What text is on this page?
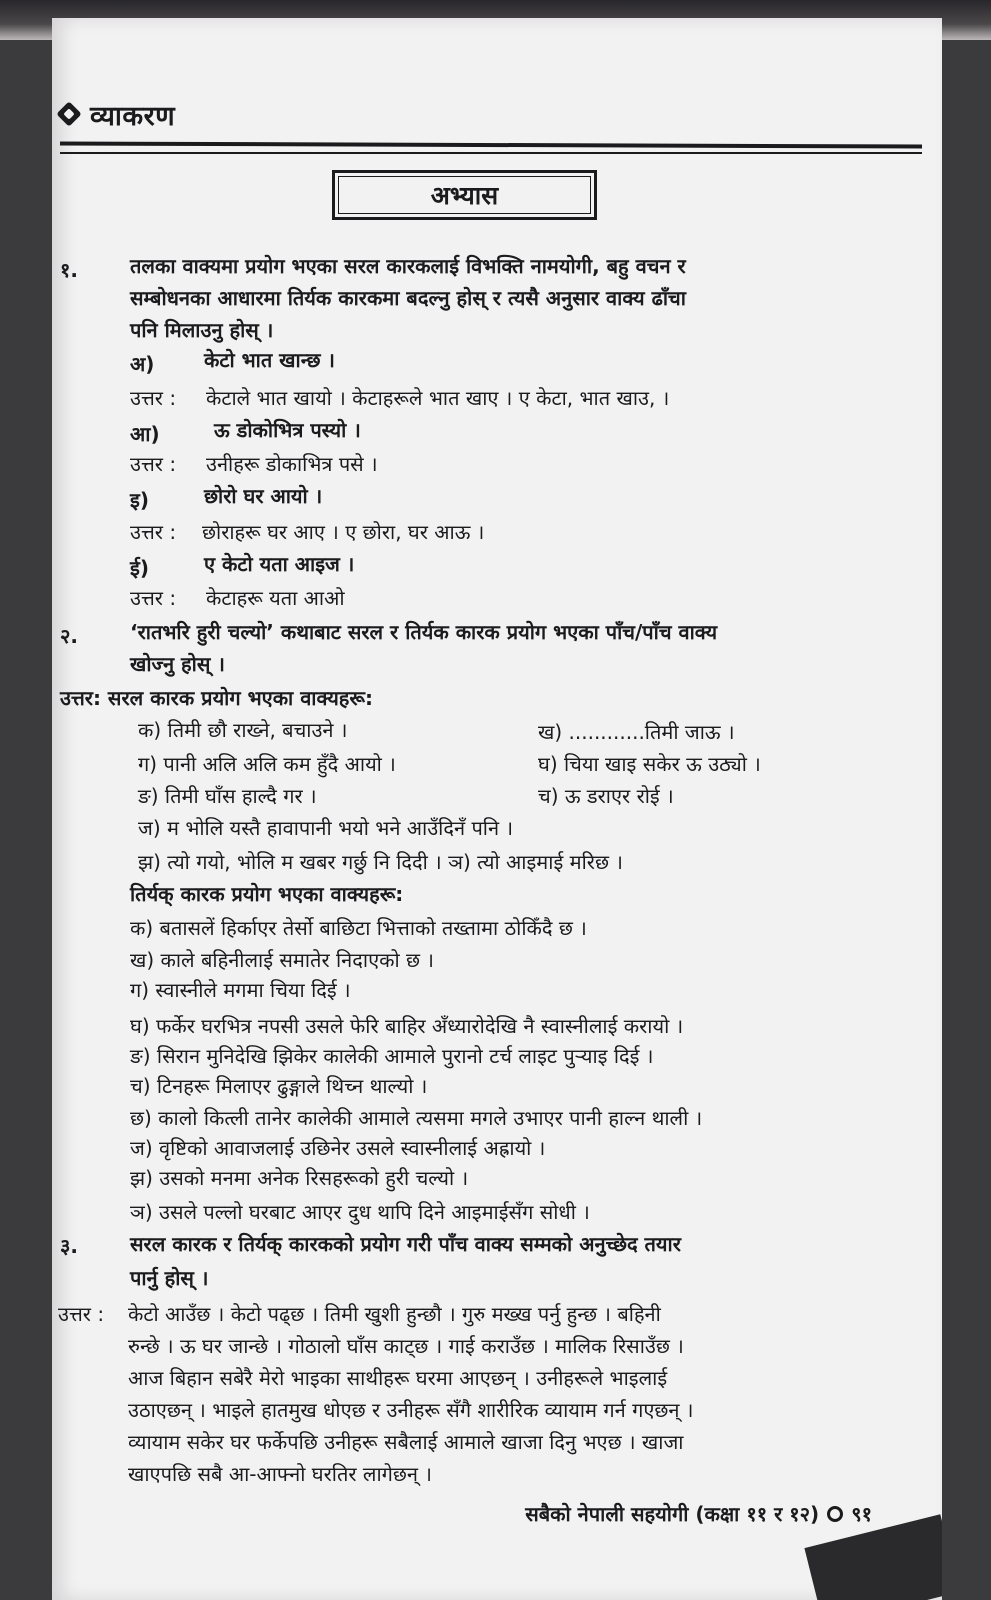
व्याकरण
अभ्यास
१.	तलका वाक्यमा प्रयोग भएका सरल कारकलाई विभक्ति नामयोगी, बहु वचन र
सम्बोधनका आधारमा तिर्यक कारकमा बदल्नु होस् र त्यसै अनुसार वाक्य ढाँचा
पनि मिलाउनु होस् ।
अ) केटो भात खान्छ ।
उत्तर : केटाले भात खायो । केटाहरूले भात खाए । ए केटा, भात खाउ, ।
आ)	ऊ डोकोभित्र पस्यो ।
उत्तर : उनीहरू डोकाभित्र पसे ।
इ)	छोरो घर आयो ।
उत्तर : छोराहरू घर आए । ए छोरा, घर आऊ ।
ई)	ए केटो यता आइज ।
उत्तर : केटाहरू यता आओ
२.	‘रातभरि हुरी चल्यो’ कथाबाट सरल र तिर्यक कारक प्रयोग भएका पाँच/पाँच वाक्य
खोज्नु होस् ।
उत्तर: सरल कारक प्रयोग भएका वाक्यहरू:
क) तिमी छौ राख्ने, बचाउने ।	ख) ............तिमी जाऊ ।
ग) पानी अलि अलि कम हुँदै आयो ।	घ) चिया खाइ सकेर ऊ उठ्यो ।
ङ) तिमी घाँस हाल्दै गर ।	च) ऊ डराएर रोई ।
ज) म भोलि यस्तै हावापानी भयो भने आउँदिनँ पनि ।
झ) त्यो गयो, भोलि म खबर गर्छु नि दिदी । ञ) त्यो आइमाई मरिछ ।
तिर्यक् कारक प्रयोग भएका वाक्यहरू:
क) बतासलें हिर्काएर तेर्सो बाछिटा भित्ताको तख्तामा ठोकिँदै छ ।
ख) काले बहिनीलाई समातेर निदाएको छ ।
ग) स्वास्नीले मगमा चिया दिई ।
घ) फर्केर घरभित्र नपसी उसले फेरि बाहिर अँध्यारोदेखि नै स्वास्नीलाई करायो ।
ङ) सिरान मुनिदेखि झिकेर कालेकी आमाले पुरानो टर्च लाइट पुऱ्याइ दिई ।
च) टिनहरू मिलाएर ढुङ्गाले थिच्न थाल्यो ।
छ) कालो कित्ली तानेर कालेकी आमाले त्यसमा मगले उभाएर पानी हाल्न थाली ।
ज) वृष्टिको आवाजलाई उछिनेर उसले स्वास्नीलाई अह्रायो ।
झ) उसको मनमा अनेक रिसहरूको हुरी चल्यो ।
ञ) उसले पल्लो घरबाट आएर दुध थापि दिने आइमाईसँग सोधी ।
३.	सरल कारक र तिर्यक् कारकको प्रयोग गरी पाँच वाक्य सम्मको अनुच्छेद तयार
पार्नु होस् ।
उत्तर : केटो आउँछ । केटो पढ्छ । तिमी खुशी हुन्छौ । गुरु मख्ख पर्नु हुन्छ । बहिनी
रुन्छे । ऊ घर जान्छे । गोठालो घाँस काट्छ । गाई कराउँछ । मालिक रिसाउँछ ।
आज बिहान सबेरै मेरो भाइका साथीहरू घरमा आएछन् । उनीहरूले भाइलाई
उठाएछन् । भाइले हातमुख धोएछ र उनीहरू सँगै शारीरिक व्यायाम गर्न गएछन् ।
व्यायाम सकेर घर फर्केपछि उनीहरू सबैलाई आमाले खाजा दिनु भएछ । खाजा
खाएपछि सबै आ-आफ्नो घरतिर लागेछन् ।
सबैको नेपाली सहयोगी (कक्षा ११ र १२) ९१
